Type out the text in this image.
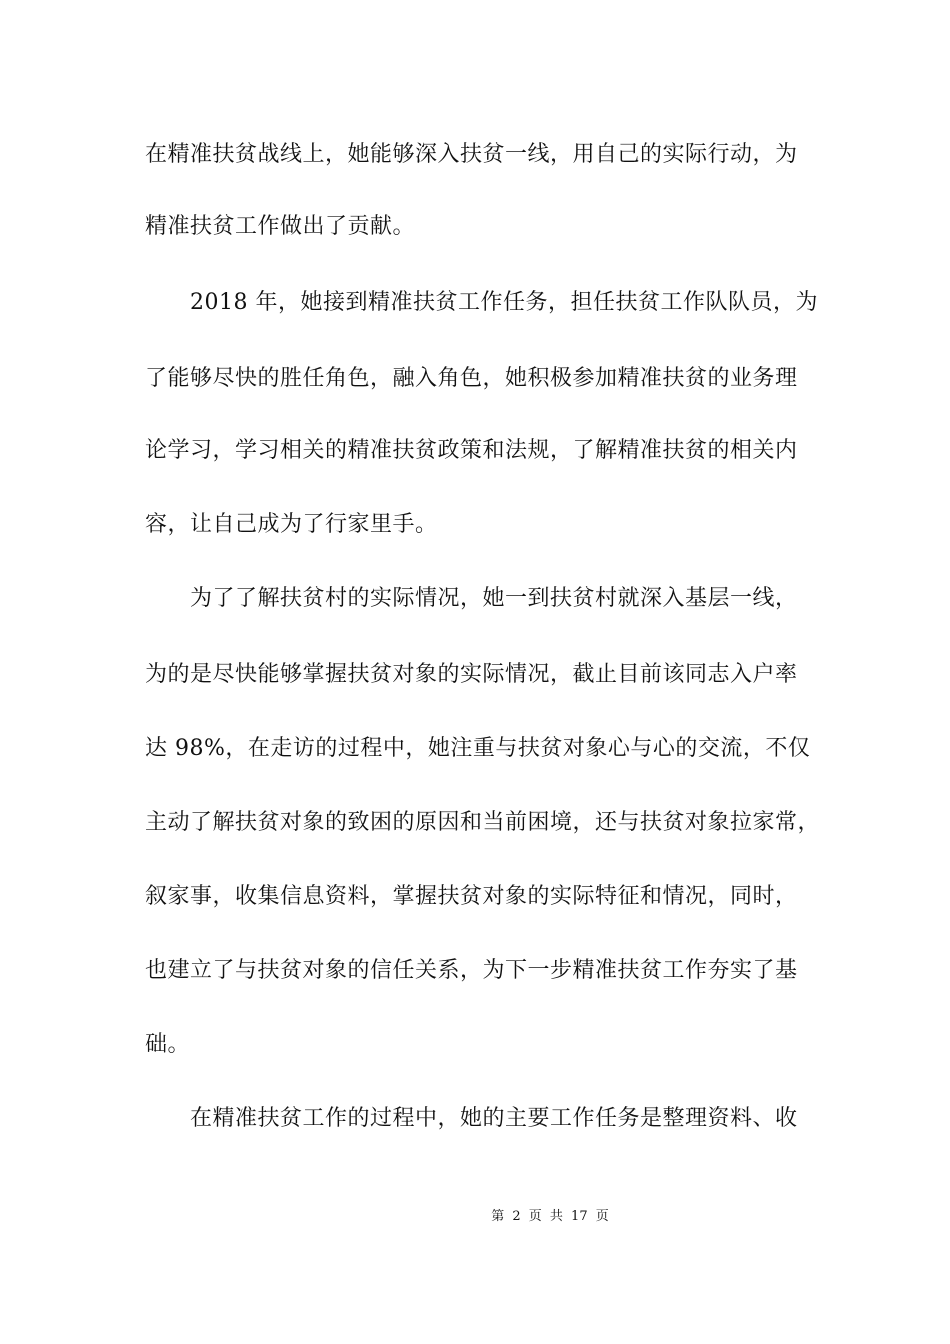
在精准扶贫战线上，她能够深入扶贫一线，用自己的实际行动，为
精准扶贫工作做出了贡献。
2018 年，她接到精准扶贫工作任务，担任扶贫工作队队员，为
了能够尽快的胜任角色，融入角色，她积极参加精准扶贫的业务理
论学习，学习相关的精准扶贫政策和法规，了解精准扶贫的相关内
容，让自己成为了行家里手。
为了了解扶贫村的实际情况，她一到扶贫村就深入基层一线，
为的是尽快能够掌握扶贫对象的实际情况，截止目前该同志入户率
达 98%，在走访的过程中，她注重与扶贫对象心与心的交流，不仅
主动了解扶贫对象的致困的原因和当前困境，还与扶贫对象拉家常，
叙家事，收集信息资料，掌握扶贫对象的实际特征和情况，同时，
也建立了与扶贫对象的信任关系，为下一步精准扶贫工作夯实了基
础。
在精准扶贫工作的过程中，她的主要工作任务是整理资料、收
第 2 页 共 17 页
